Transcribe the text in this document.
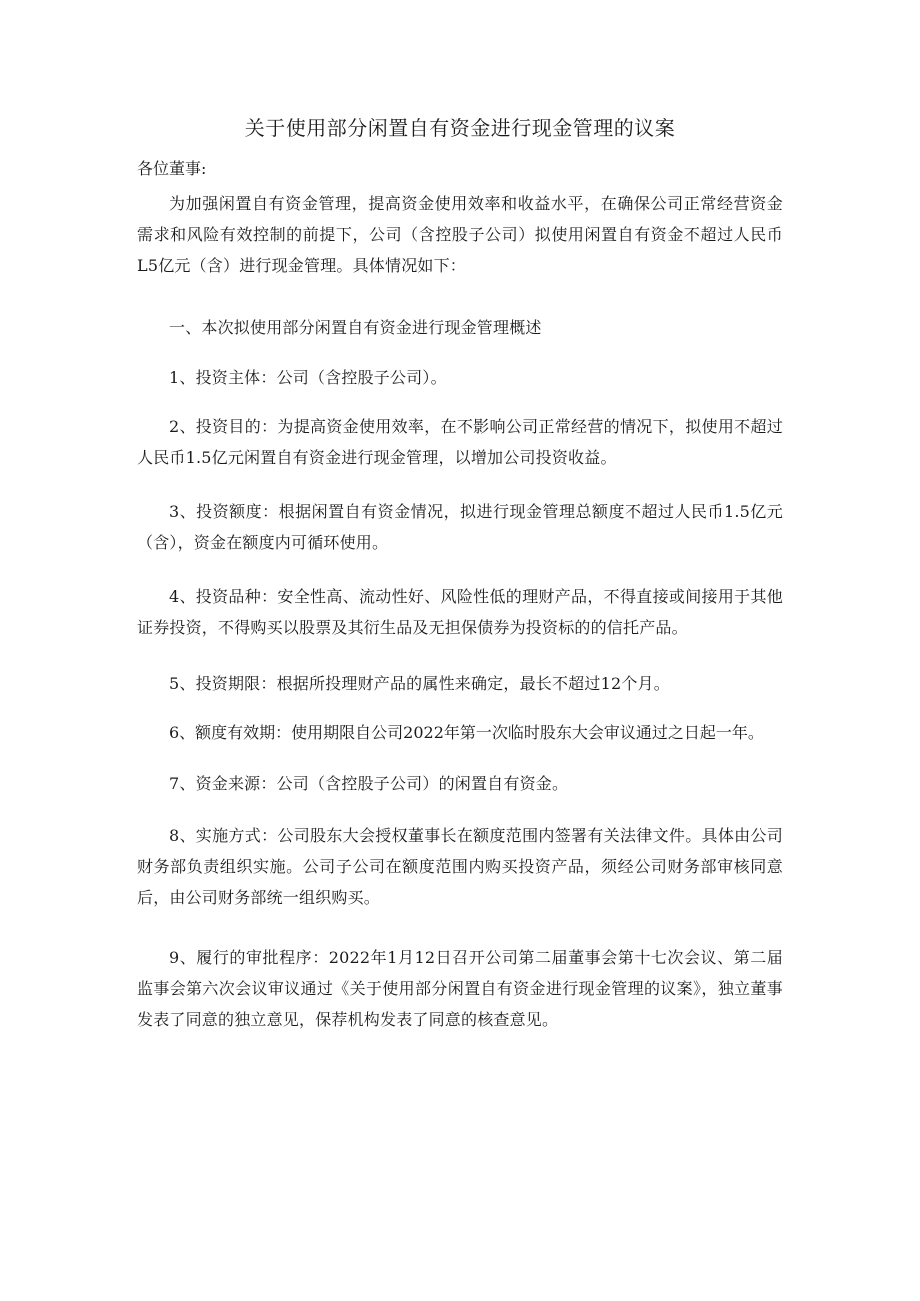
关于使用部分闲置自有资金进行现金管理的议案
各位董事:

为加强闲置自有资金管理，提高资金使用效率和收益水平，在确保公司正常经营资金需求和风险有效控制的前提下，公司（含控股子公司）拟使用闲置自有资金不超过人民币L5亿元（含）进行现金管理。具体情况如下：

一、本次拟使用部分闲置自有资金进行现金管理概述

1、投资主体：公司（含控股子公司）。

2、投资目的：为提高资金使用效率，在不影响公司正常经营的情况下，拟使用不超过人民币1.5亿元闲置自有资金进行现金管理，以增加公司投资收益。

3、投资额度：根据闲置自有资金情况，拟进行现金管理总额度不超过人民币1.5亿元（含），资金在额度内可循环使用。

4、投资品种：安全性高、流动性好、风险性低的理财产品，不得直接或间接用于其他证券投资，不得购买以股票及其衍生品及无担保债券为投资标的的信托产品。

5、投资期限：根据所投理财产品的属性来确定，最长不超过12个月。

6、额度有效期：使用期限自公司2022年第一次临时股东大会审议通过之日起一年。

7、资金来源：公司（含控股子公司）的闲置自有资金。

8、实施方式：公司股东大会授权董事长在额度范围内签署有关法律文件。具体由公司财务部负责组织实施。公司子公司在额度范围内购买投资产品，须经公司财务部审核同意后，由公司财务部统一组织购买。

9、履行的审批程序：2022年1月12日召开公司第二届董事会第十七次会议、第二届监事会第六次会议审议通过《关于使用部分闲置自有资金进行现金管理的议案》，独立董事发表了同意的独立意见，保荐机构发表了同意的核查意见。
